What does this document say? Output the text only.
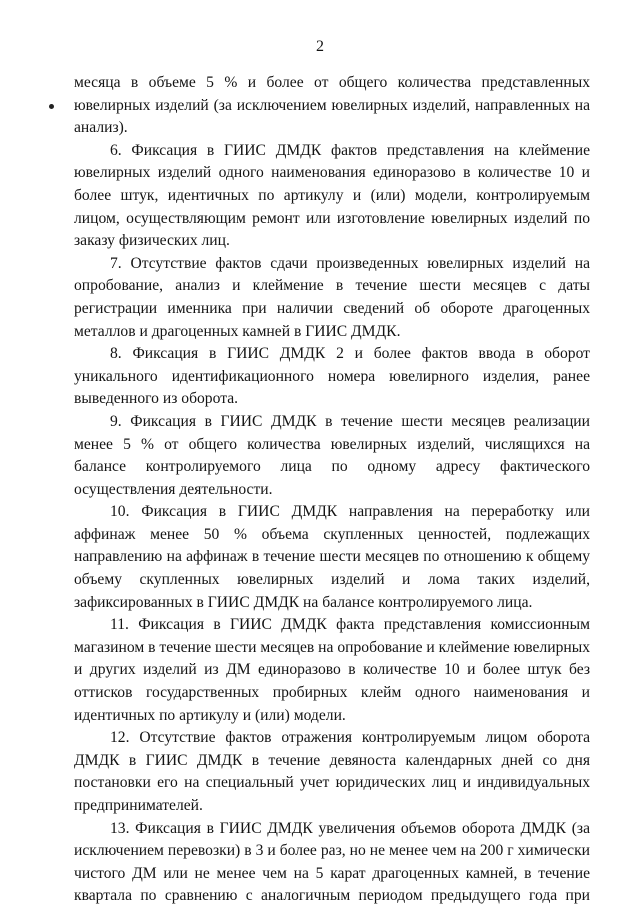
2

месяца в объеме 5 % и более от общего количества представленных ювелирных изделий (за исключением ювелирных изделий, направленных на анализ).

6. Фиксация в ГИИС ДМДК фактов представления на клеймение ювелирных изделий одного наименования единоразово в количестве 10 и более штук, идентичных по артикулу и (или) модели, контролируемым лицом, осуществляющим ремонт или изготовление ювелирных изделий по заказу физических лиц.

7. Отсутствие фактов сдачи произведенных ювелирных изделий на опробование, анализ и клеймение в течение шести месяцев с даты регистрации именника при наличии сведений об обороте драгоценных металлов и драгоценных камней в ГИИС ДМДК.

8. Фиксация в ГИИС ДМДК 2 и более фактов ввода в оборот уникального идентификационного номера ювелирного изделия, ранее выведенного из оборота.

9. Фиксация в ГИИС ДМДК в течение шести месяцев реализации менее 5 % от общего количества ювелирных изделий, числящихся на балансе контролируемого лица по одному адресу фактического осуществления деятельности.

10. Фиксация в ГИИС ДМДК направления на переработку или аффинаж менее 50 % объема скупленных ценностей, подлежащих направлению на аффинаж в течение шести месяцев по отношению к общему объему скупленных ювелирных изделий и лома таких изделий, зафиксированных в ГИИС ДМДК на балансе контролируемого лица.

11. Фиксация в ГИИС ДМДК факта представления комиссионным магазином в течение шести месяцев на опробование и клеймение ювелирных и других изделий из ДМ единоразово в количестве 10 и более штук без оттисков государственных пробирных клейм одного наименования и идентичных по артикулу и (или) модели.

12. Отсутствие фактов отражения контролируемым лицом оборота ДМДК в ГИИС ДМДК в течение девяноста календарных дней со дня постановки его на специальный учет юридических лиц и индивидуальных предпринимателей.

13. Фиксация в ГИИС ДМДК увеличения объемов оборота ДМДК (за исключением перевозки) в 3 и более раз, но не менее чем на 200 г химически чистого ДМ или не менее чем на 5 карат драгоценных камней, в течение квартала по сравнению с аналогичным периодом предыдущего года при
